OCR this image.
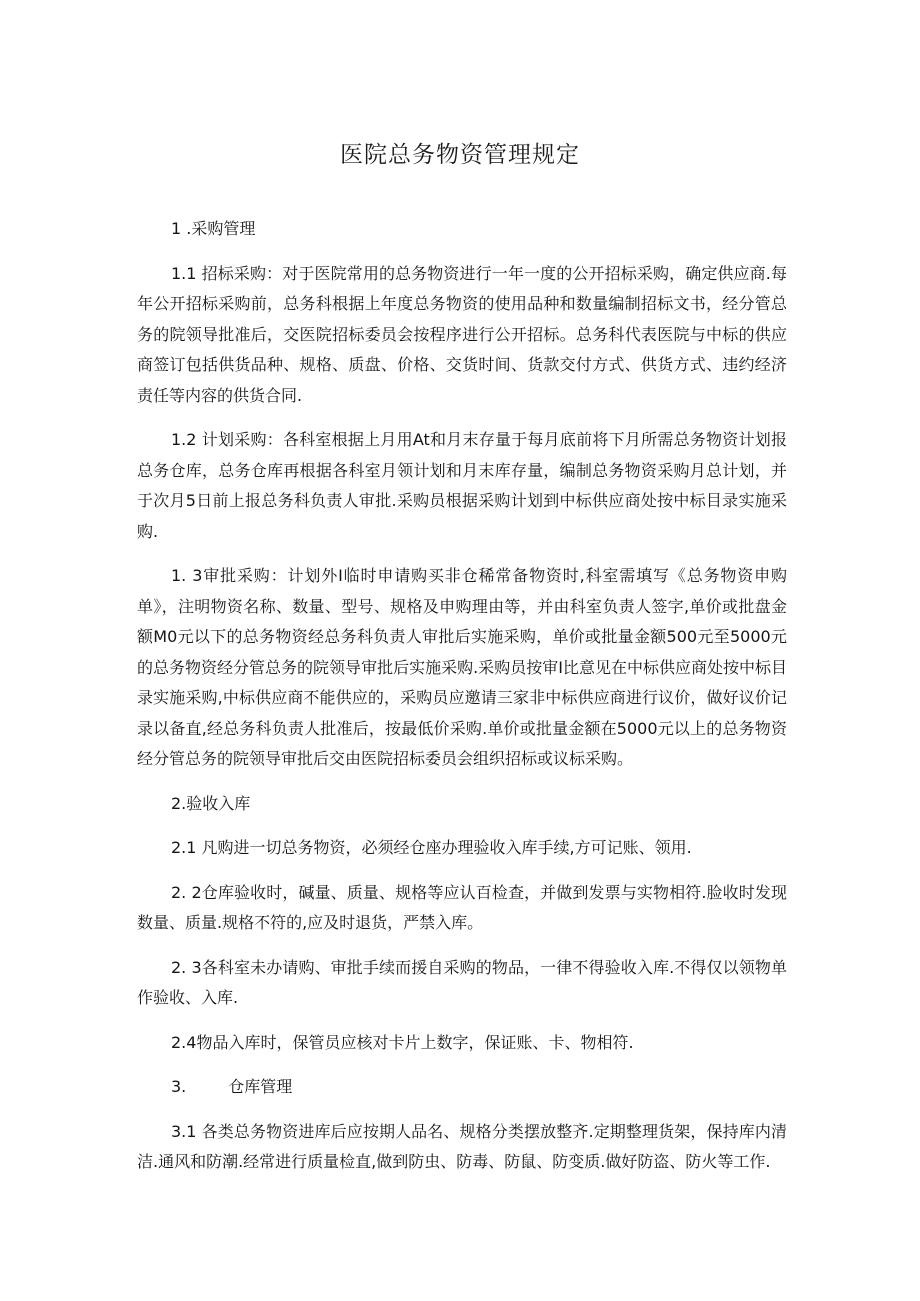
医院总务物资管理规定

1 .采购管理

1.1 招标采购：对于医院常用的总务物资进行一年一度的公开招标采购，确定供应商.每年公开招标采购前，总务科根据上年度总务物资的使用品种和数量编制招标文书，经分管总务的院领导批准后，交医院招标委员会按程序进行公开招标。总务科代表医院与中标的供应商签订包括供货品种、规格、质盘、价格、交货时间、货款交付方式、供货方式、违约经济责任等内容的供货合同.

1.2 计划采购：各科室根据上月用At和月末存量于每月底前将下月所需总务物资计划报总务仓库，总务仓库再根据各科室月领计划和月末库存量，编制总务物资采购月总计划，并于次月5日前上报总务科负责人审批.采购员根据采购计划到中标供应商处按中标目录实施采购.

1. 3审批采购：计划外I临时申请购买非仓稀常备物资时,科室需填写《总务物资申购单》，注明物资名称、数量、型号、规格及申购理由等，并由科室负责人签字,单价或批盘金额M0元以下的总务物资经总务科负责人审批后实施采购，单价或批量金额500元至5000元的总务物资经分管总务的院领导审批后实施采购.采购员按审I比意见在中标供应商处按中标目录实施采购,中标供应商不能供应的，采购员应邀请三家非中标供应商进行议价，做好议价记录以备直,经总务科负责人批准后，按最低价采购.单价或批量金额在5000元以上的总务物资经分管总务的院领导审批后交由医院招标委员会组织招标或议标采购。

2.验收入库

2.1 凡购进一切总务物资，必须经仓座办理验收入库手续,方可记账、领用.

2. 2仓库验收时，碱量、质量、规格等应认百检查，并做到发票与实物相符.脸收时发现数量、质量.规格不符的,应及时退货，严禁入库。

2. 3各科室未办请购、审批手续而援自采购的物品，一律不得验收入库.不得仅以领物单作验收、入库.

2.4物品入库时，保管员应核对卡片上数字，保证账、卡、物相符.

3.	仓库管理

3.1 各类总务物资进库后应按期人品名、规格分类摆放整齐.定期整理货架，保持库内清洁.通风和防潮.经常进行质量检直,做到防虫、防毒、防鼠、防变质.做好防盗、防火等工作.
